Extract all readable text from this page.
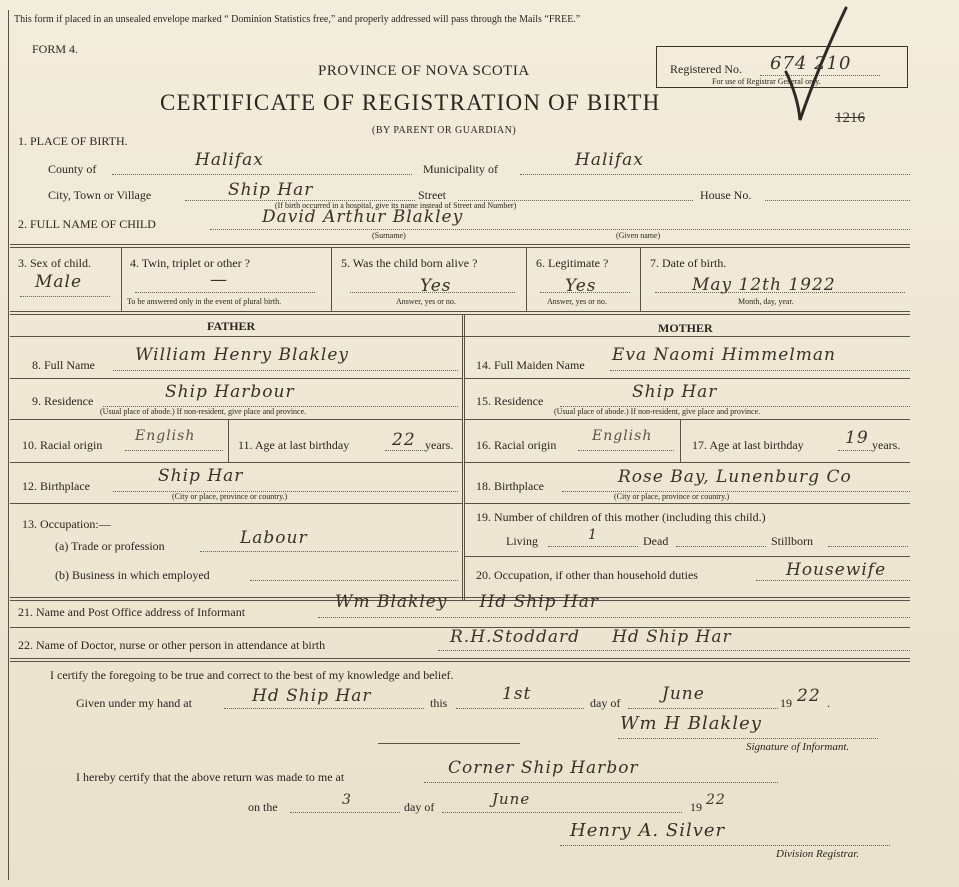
This form if placed in an unsealed envelope marked “ Dominion Statistics free,” and properly addressed will pass through the Mails “FREE.”
FORM 4.
PROVINCE OF NOVA SCOTIA
CERTIFICATE OF REGISTRATION OF BIRTH
(BY PARENT OR GUARDIAN)
Registered No. 674 210
For use of Registrar General only.
1216
1. PLACE OF BIRTH.
County of	Halifax	Municipality of	Halifax
City, Town or Village	Ship Har	Street	House No.
(If birth occurred in a hospital, give its name instead of Street and Number)
2. FULL NAME OF CHILD	David Arthur Blakley
(Surname)	(Given name)
3. Sex of child.
Male
4. Twin, triplet or other ?
—
To be answered only in the event of plural birth.
5. Was the child born alive ?
Yes
Answer, yes or no.
6. Legitimate ?
Yes
Answer, yes or no.
7. Date of birth.
May 12th 1922
Month, day, year.
FATHER	MOTHER
8. Full Name William Henry Blakley
9. Residence	Ship Harbour
(Usual place of abode.) If non-resident, give place and province.
10. Racial origin
English
11. Age at last birthday	22 years.
12. Birthplace	Ship Har
(City or place, province or country.)
13. Occupation:—
(a) Trade or profession	Labour
(b) Business in which employed
14. Full Maiden Name Eva Naomi Himmelman
15. Residence	Ship Har
(Usual place of abode.) If non-resident, give place and province.
16. Racial origin
English
17. Age at last birthday 19 years.
18. Birthplace	Rose Bay, Lunenburg Co
(City or place, province or country.)
19. Number of children of this mother (including this child.)
Living	1	Dead	Stillborn
20. Occupation, if other than household duties	Housewife
21. Name and Post Office address of Informant	Wm Blakley     Hd Ship Har
22. Name of Doctor, nurse or other person in attendance at birth	R.H.Stoddard     Hd Ship Har
I certify the foregoing to be true and correct to the best of my knowledge and belief.
Given under my hand at	Hd Ship Har	this	1st	day of June	19 22 .
Wm H Blakley
Signature of Informant.
I hereby certify that the above return was made to me at	Corner Ship Harbor
on the	3	day of	June	19 22
Henry A. Silver
Division Registrar.
